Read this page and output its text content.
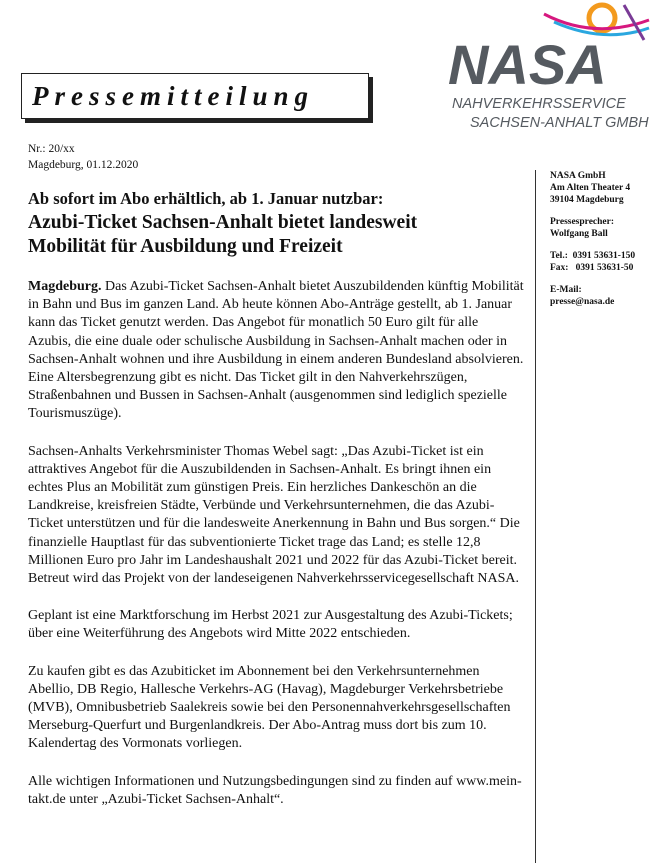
Pressemitteilung NASA
NAHVERKEHRSSERVICE
SACHSEN-ANHALT GMBH
Nr.: 20/xx
Magdeburg, 01.12.2020

NASA GmbH
Am Alten Theater 4
39104 Magdeburg

Pressesprecher:
Wolfgang Ball

Tel.:  0391 53631-150
Fax:   0391 53631-50

E-Mail:
presse@nasa.de

Ab sofort im Abo erhältlich, ab 1. Januar nutzbar:
Azubi-Ticket Sachsen-Anhalt bietet landesweit
Mobilität für Ausbildung und Freizeit

Magdeburg. Das Azubi-Ticket Sachsen-Anhalt bietet Auszubildenden künftig Mobilität in Bahn und Bus im ganzen Land. Ab heute können Abo-Anträge gestellt, ab 1. Januar kann das Ticket genutzt werden. Das Angebot für monatlich 50 Euro gilt für alle Azubis, die eine duale oder schulische Ausbildung in Sachsen-Anhalt machen oder in Sachsen-Anhalt wohnen und ihre Ausbildung in einem anderen Bundesland absolvieren. Eine Altersbegrenzung gibt es nicht. Das Ticket gilt in den Nahverkehrszügen, Straßenbahnen und Bussen in Sachsen-Anhalt (ausgenommen sind lediglich spezielle Tourismuszüge).

Sachsen-Anhalts Verkehrsminister Thomas Webel sagt: „Das Azubi-Ticket ist ein attraktives Angebot für die Auszubildenden in Sachsen-Anhalt. Es bringt ihnen ein echtes Plus an Mobilität zum günstigen Preis. Ein herzliches Dankeschön an die Landkreise, kreisfreien Städte, Verbünde und Verkehrsunternehmen, die das Azubi-Ticket unterstützen und für die landesweite Anerkennung in Bahn und Bus sorgen.“ Die finanzielle Hauptlast für das subventionierte Ticket trage das Land; es stelle 12,8 Millionen Euro pro Jahr im Landeshaushalt 2021 und 2022 für das Azubi-Ticket bereit. Betreut wird das Projekt von der landeseigenen Nahverkehrsservicegesellschaft NASA.

Geplant ist eine Marktforschung im Herbst 2021 zur Ausgestaltung des Azubi-Tickets; über eine Weiterführung des Angebots wird Mitte 2022 entschieden.

Zu kaufen gibt es das Azubiticket im Abonnement bei den Verkehrsunternehmen Abellio, DB Regio, Hallesche Verkehrs-AG (Havag), Magdeburger Verkehrsbetriebe (MVB), Omnibusbetrieb Saalekreis sowie bei den Personennahverkehrsgesellschaften Merseburg-Querfurt und Burgenlandkreis. Der Abo-Antrag muss dort bis zum 10. Kalendertag des Vormonats vorliegen.

Alle wichtigen Informationen und Nutzungsbedingungen sind zu finden auf www.mein-takt.de unter „Azubi-Ticket Sachsen-Anhalt“.
